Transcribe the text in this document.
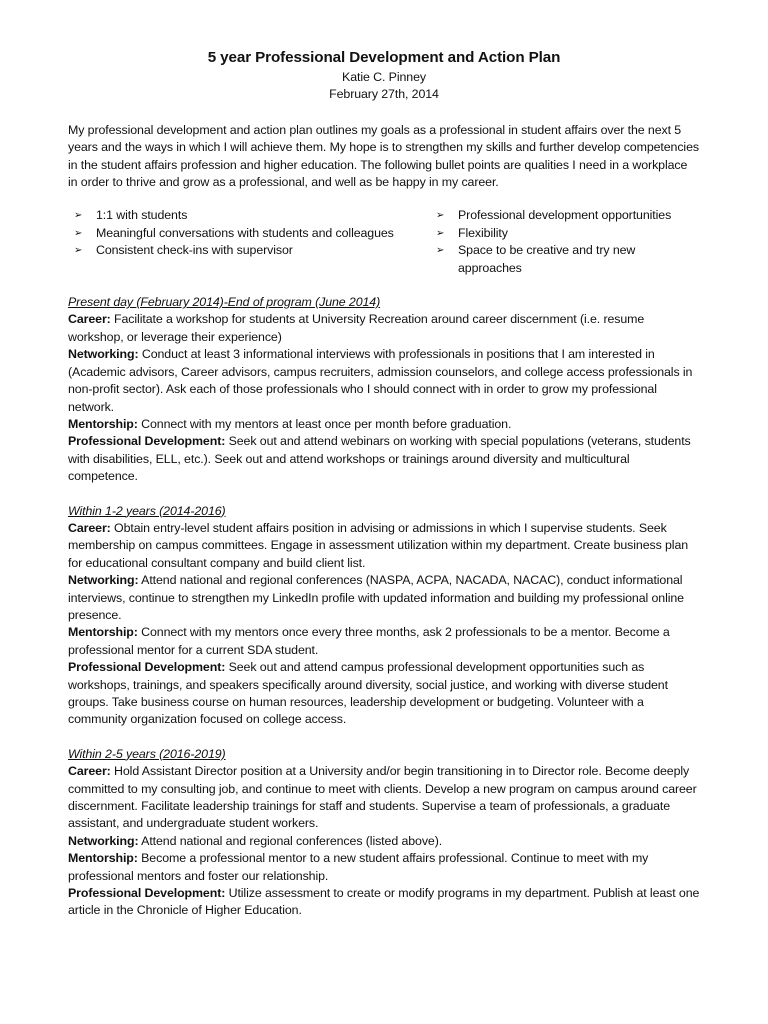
5 year Professional Development and Action Plan
Katie C. Pinney
February 27th, 2014

My professional development and action plan outlines my goals as a professional in student affairs over the next 5 years and the ways in which I will achieve them. My hope is to strengthen my skills and further develop competencies in the student affairs profession and higher education. The following bullet points are qualities I need in a workplace in order to thrive and grow as a professional, and well as be happy in my career.

➢ 1:1 with students
➢ Meaningful conversations with students and colleagues
➢ Consistent check-ins with supervisor
➢ Professional development opportunities
➢ Flexibility
➢ Space to be creative and try new approaches

Present day (February 2014)-End of program (June 2014)

Career: Facilitate a workshop for students at University Recreation around career discernment (i.e. resume workshop, or leverage their experience)

Networking: Conduct at least 3 informational interviews with professionals in positions that I am interested in (Academic advisors, Career advisors, campus recruiters, admission counselors, and college access professionals in non-profit sector). Ask each of those professionals who I should connect with in order to grow my professional network.

Mentorship: Connect with my mentors at least once per month before graduation.

Professional Development: Seek out and attend webinars on working with special populations (veterans, students with disabilities, ELL, etc.). Seek out and attend workshops or trainings around diversity and multicultural competence.

Within 1-2 years (2014-2016)

Career: Obtain entry-level student affairs position in advising or admissions in which I supervise students. Seek membership on campus committees. Engage in assessment utilization within my department. Create business plan for educational consultant company and build client list.

Networking: Attend national and regional conferences (NASPA, ACPA, NACADA, NACAC), conduct informational interviews, continue to strengthen my LinkedIn profile with updated information and building my professional online presence.

Mentorship: Connect with my mentors once every three months, ask 2 professionals to be a mentor. Become a professional mentor for a current SDA student.

Professional Development: Seek out and attend campus professional development opportunities such as workshops, trainings, and speakers specifically around diversity, social justice, and working with diverse student groups. Take business course on human resources, leadership development or budgeting. Volunteer with a community organization focused on college access.

Within 2-5 years (2016-2019)

Career: Hold Assistant Director position at a University and/or begin transitioning in to Director role. Become deeply committed to my consulting job, and continue to meet with clients. Develop a new program on campus around career discernment. Facilitate leadership trainings for staff and students. Supervise a team of professionals, a graduate assistant, and undergraduate student workers.

Networking: Attend national and regional conferences (listed above).

Mentorship: Become a professional mentor to a new student affairs professional. Continue to meet with my professional mentors and foster our relationship.

Professional Development: Utilize assessment to create or modify programs in my department. Publish at least one article in the Chronicle of Higher Education.
